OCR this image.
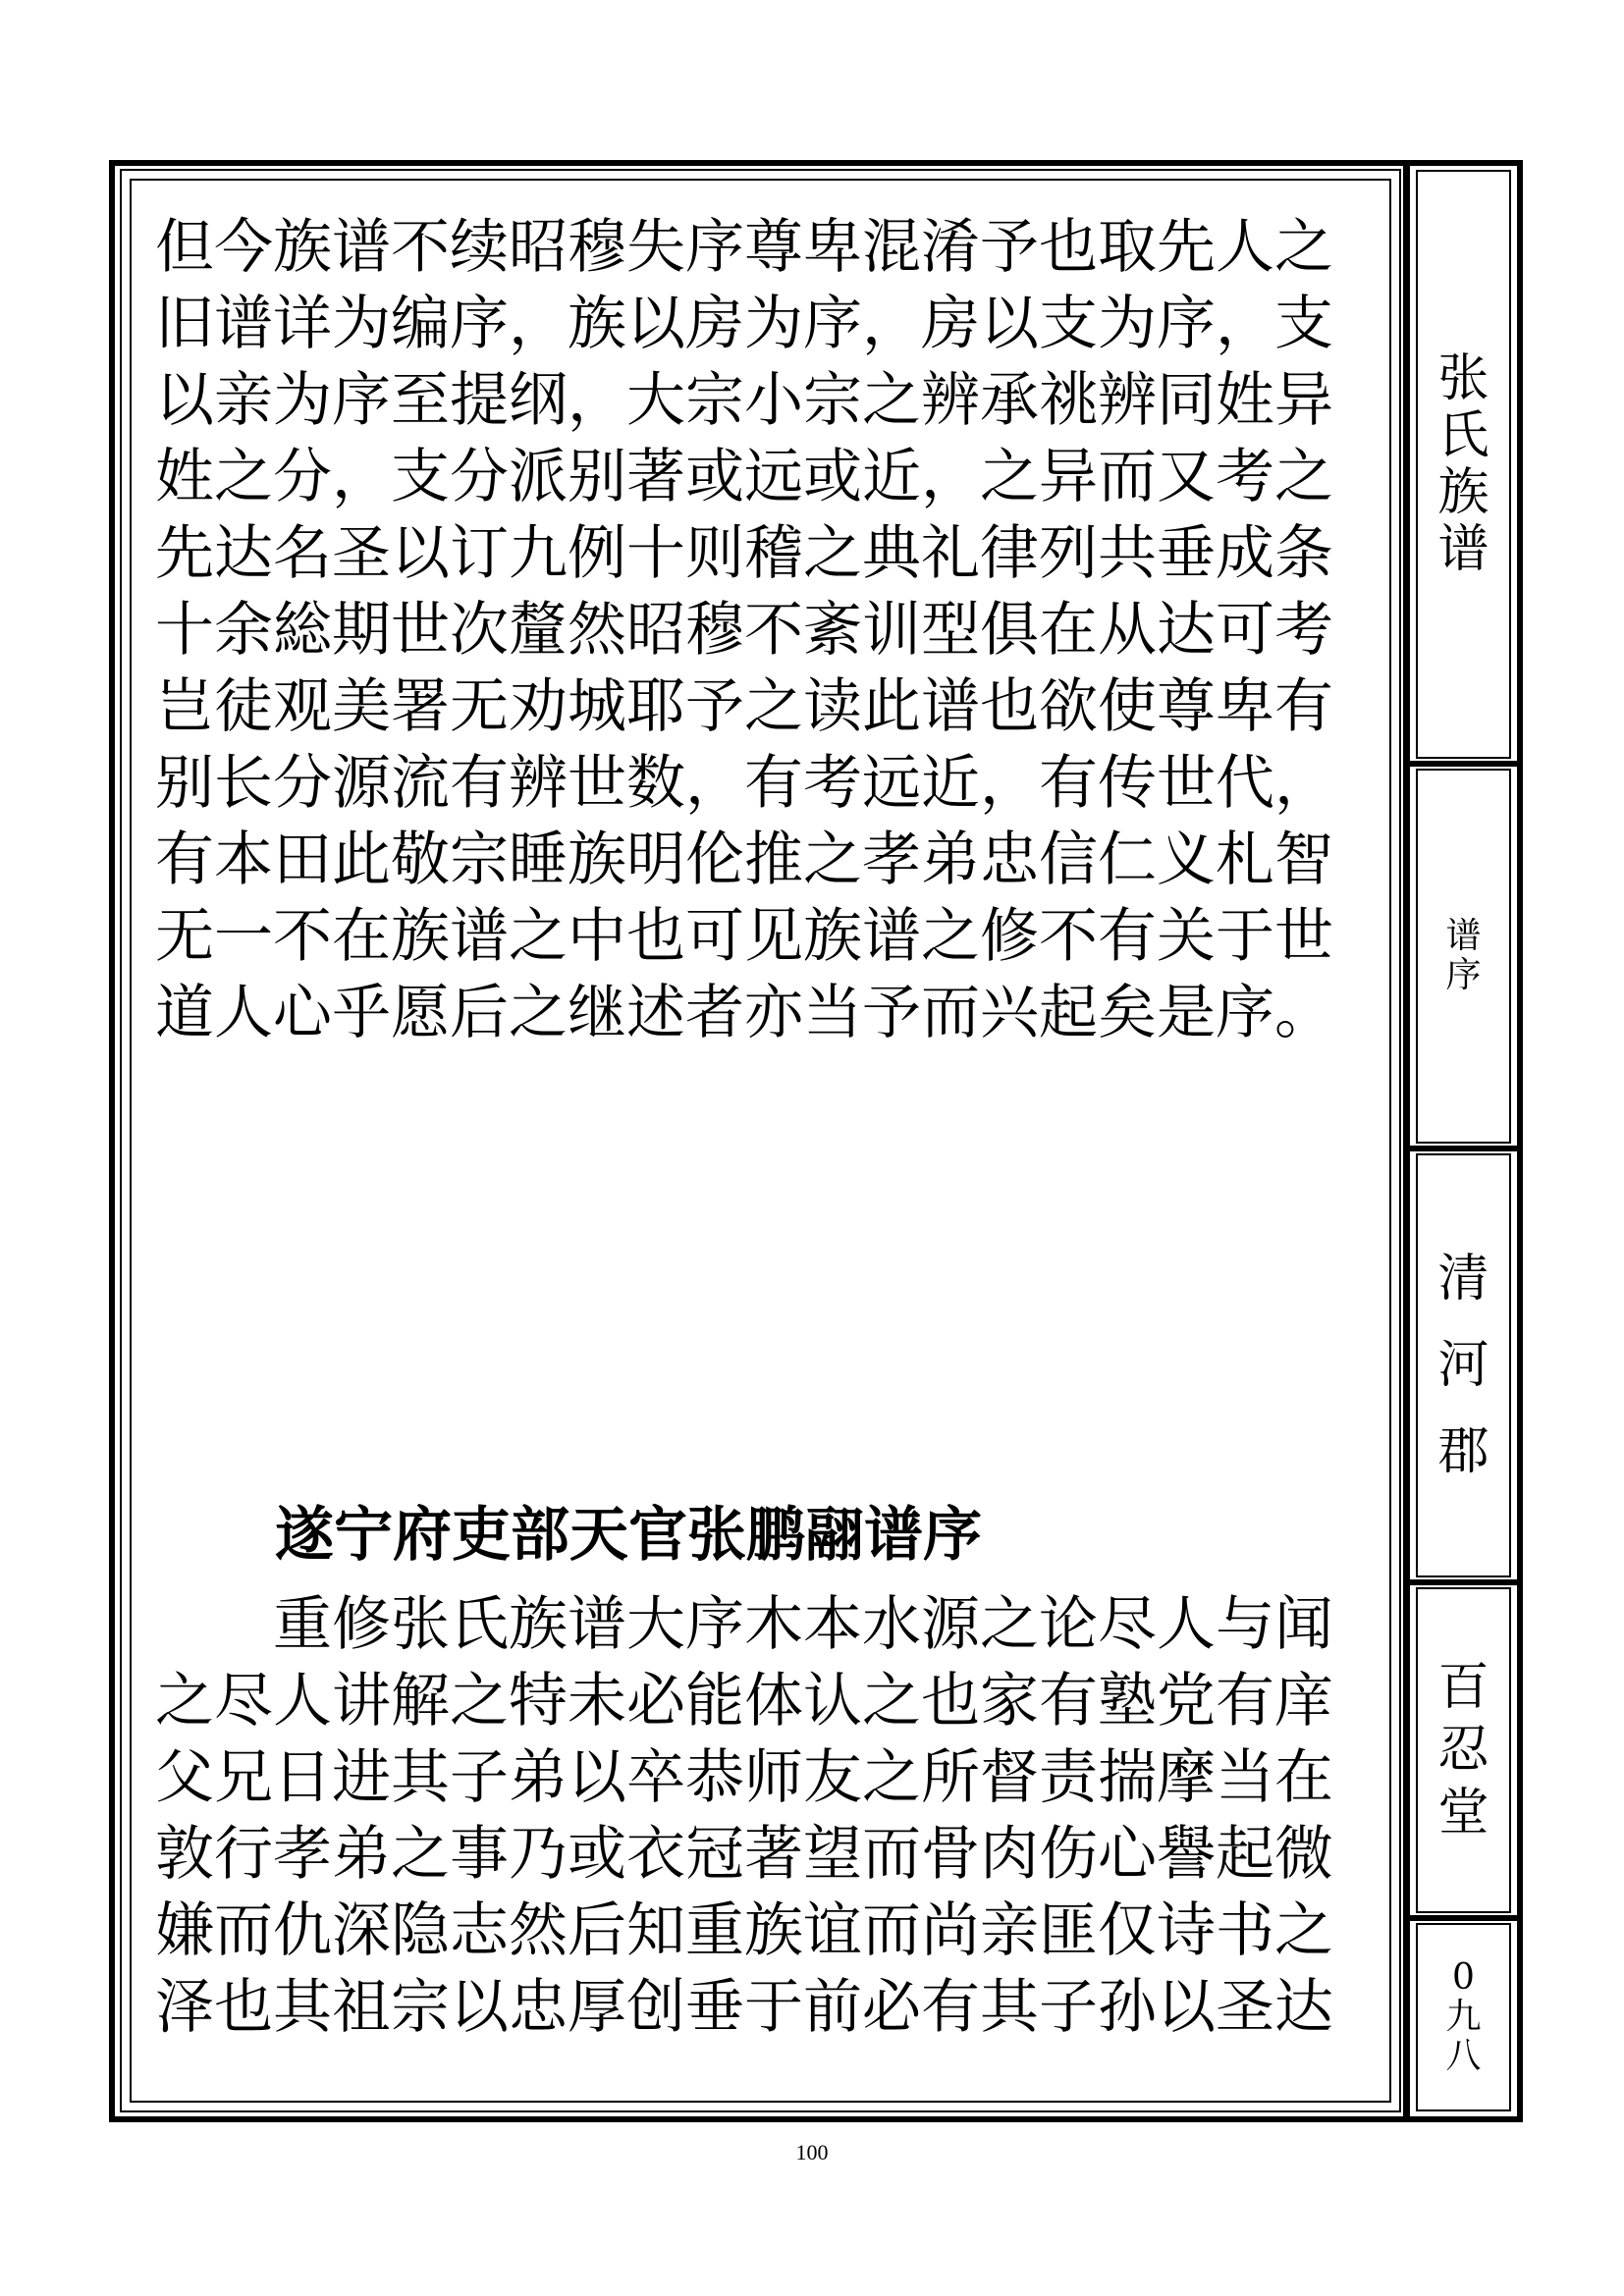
张
氏
族
谱
谱
序
清
河
郡
百
忍
堂
0
九
八
但今族谱不续昭穆失序尊卑混淆予也取先人之
旧谱详为编序，族以房为序，房以支为序，支
以亲为序至提纲，大宗小宗之辨承祧辨同姓异
姓之分，支分派别著或远或近，之异而又考之
先达名圣以订九例十则稽之典礼律列共垂成条
十余総期世次釐然昭穆不紊训型俱在从达可考
岂徒观美署无劝城耶予之读此谱也欲使尊卑有
别长分源流有辨世数，有考远近，有传世代，
有本田此敬宗睡族明伦推之孝弟忠信仁义札智
无一不在族谱之中也可见族谱之修不有关于世
道人心乎愿后之继述者亦当予而兴起矣是序。
遂宁府吏部天官张鹏翮谱序
　　重修张氏族谱大序木本水源之论尽人与闻
之尽人讲解之特未必能体认之也家有塾党有庠
父兄日进其子弟以卒恭师友之所督责揣摩当在
敦行孝弟之事乃或衣冠著望而骨肉伤心譽起微
嫌而仇深隐志然后知重族谊而尚亲匪仅诗书之
泽也其祖宗以忠厚创垂于前必有其子孙以圣达
100
